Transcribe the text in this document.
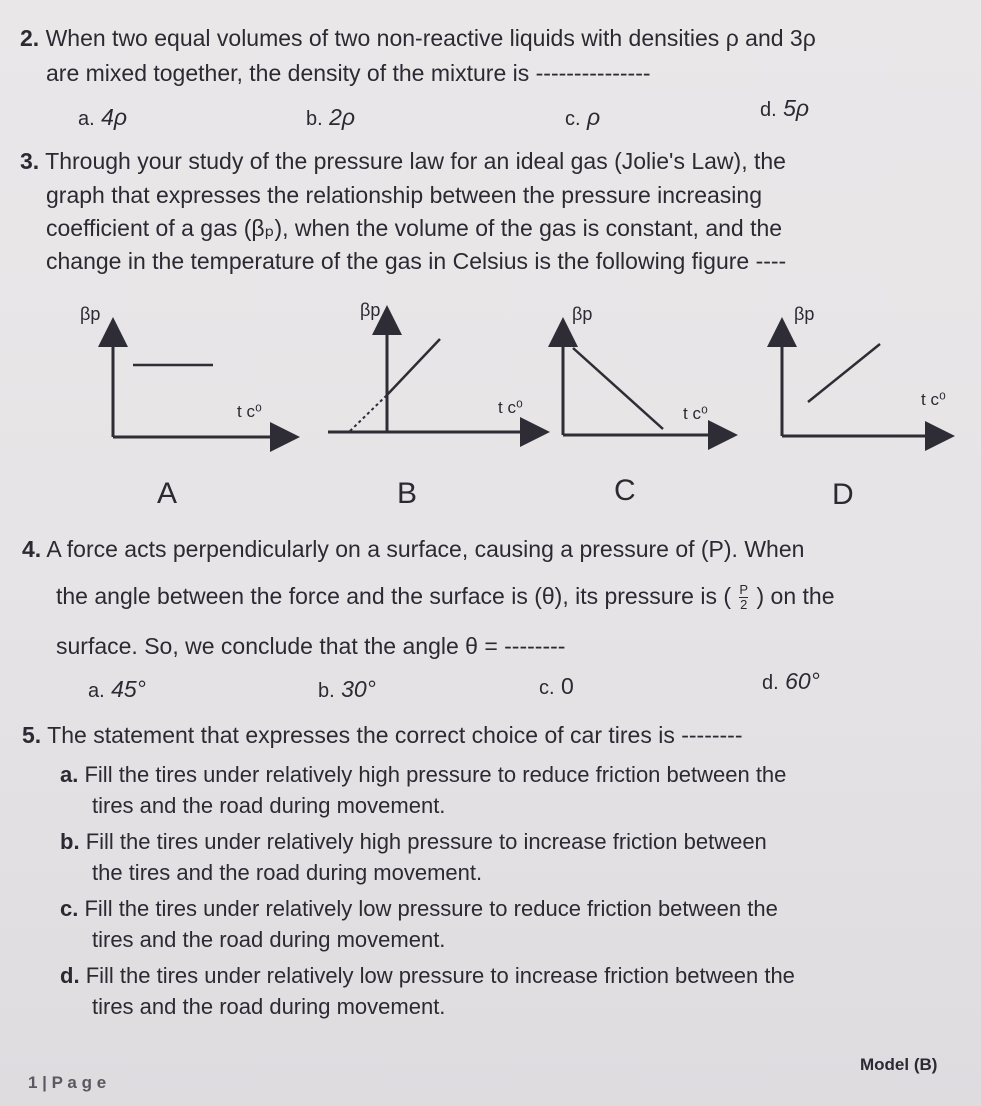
2. When two equal volumes of two non-reactive liquids with densities ρ and 3ρ
are mixed together, the density of the mixture is ---------------
a. 4ρ	b. 2ρ	c. ρ	d. 5ρ
3. Through your study of the pressure law for an ideal gas (Jolie's Law), the
graph that expresses the relationship between the pressure increasing
coefficient of a gas (βₚ), when the volume of the gas is constant, and the
change in the temperature of the gas in Celsius is the following figure ----
βp
t c⁰
βp
t c⁰
βp
t c⁰
βp
t c⁰
A	B	C	D
4. A force acts perpendicularly on a surface, causing a pressure of (P). When
the angle between the force and the surface is (θ), its pressure is ( $\frac{P}{2}$ ) on the
surface. So, we conclude that the angle θ = --------
a. 45°	b. 30°	c. 0	d. 60°
5. The statement that expresses the correct choice of car tires is --------
a. Fill the tires under relatively high pressure to reduce friction between the
tires and the road during movement.
b. Fill the tires under relatively high pressure to increase friction between
the tires and the road during movement.
c. Fill the tires under relatively low pressure to reduce friction between the
tires and the road during movement.
d. Fill the tires under relatively low pressure to increase friction between the
tires and the road during movement.
1 | P a g e
Model (B)
